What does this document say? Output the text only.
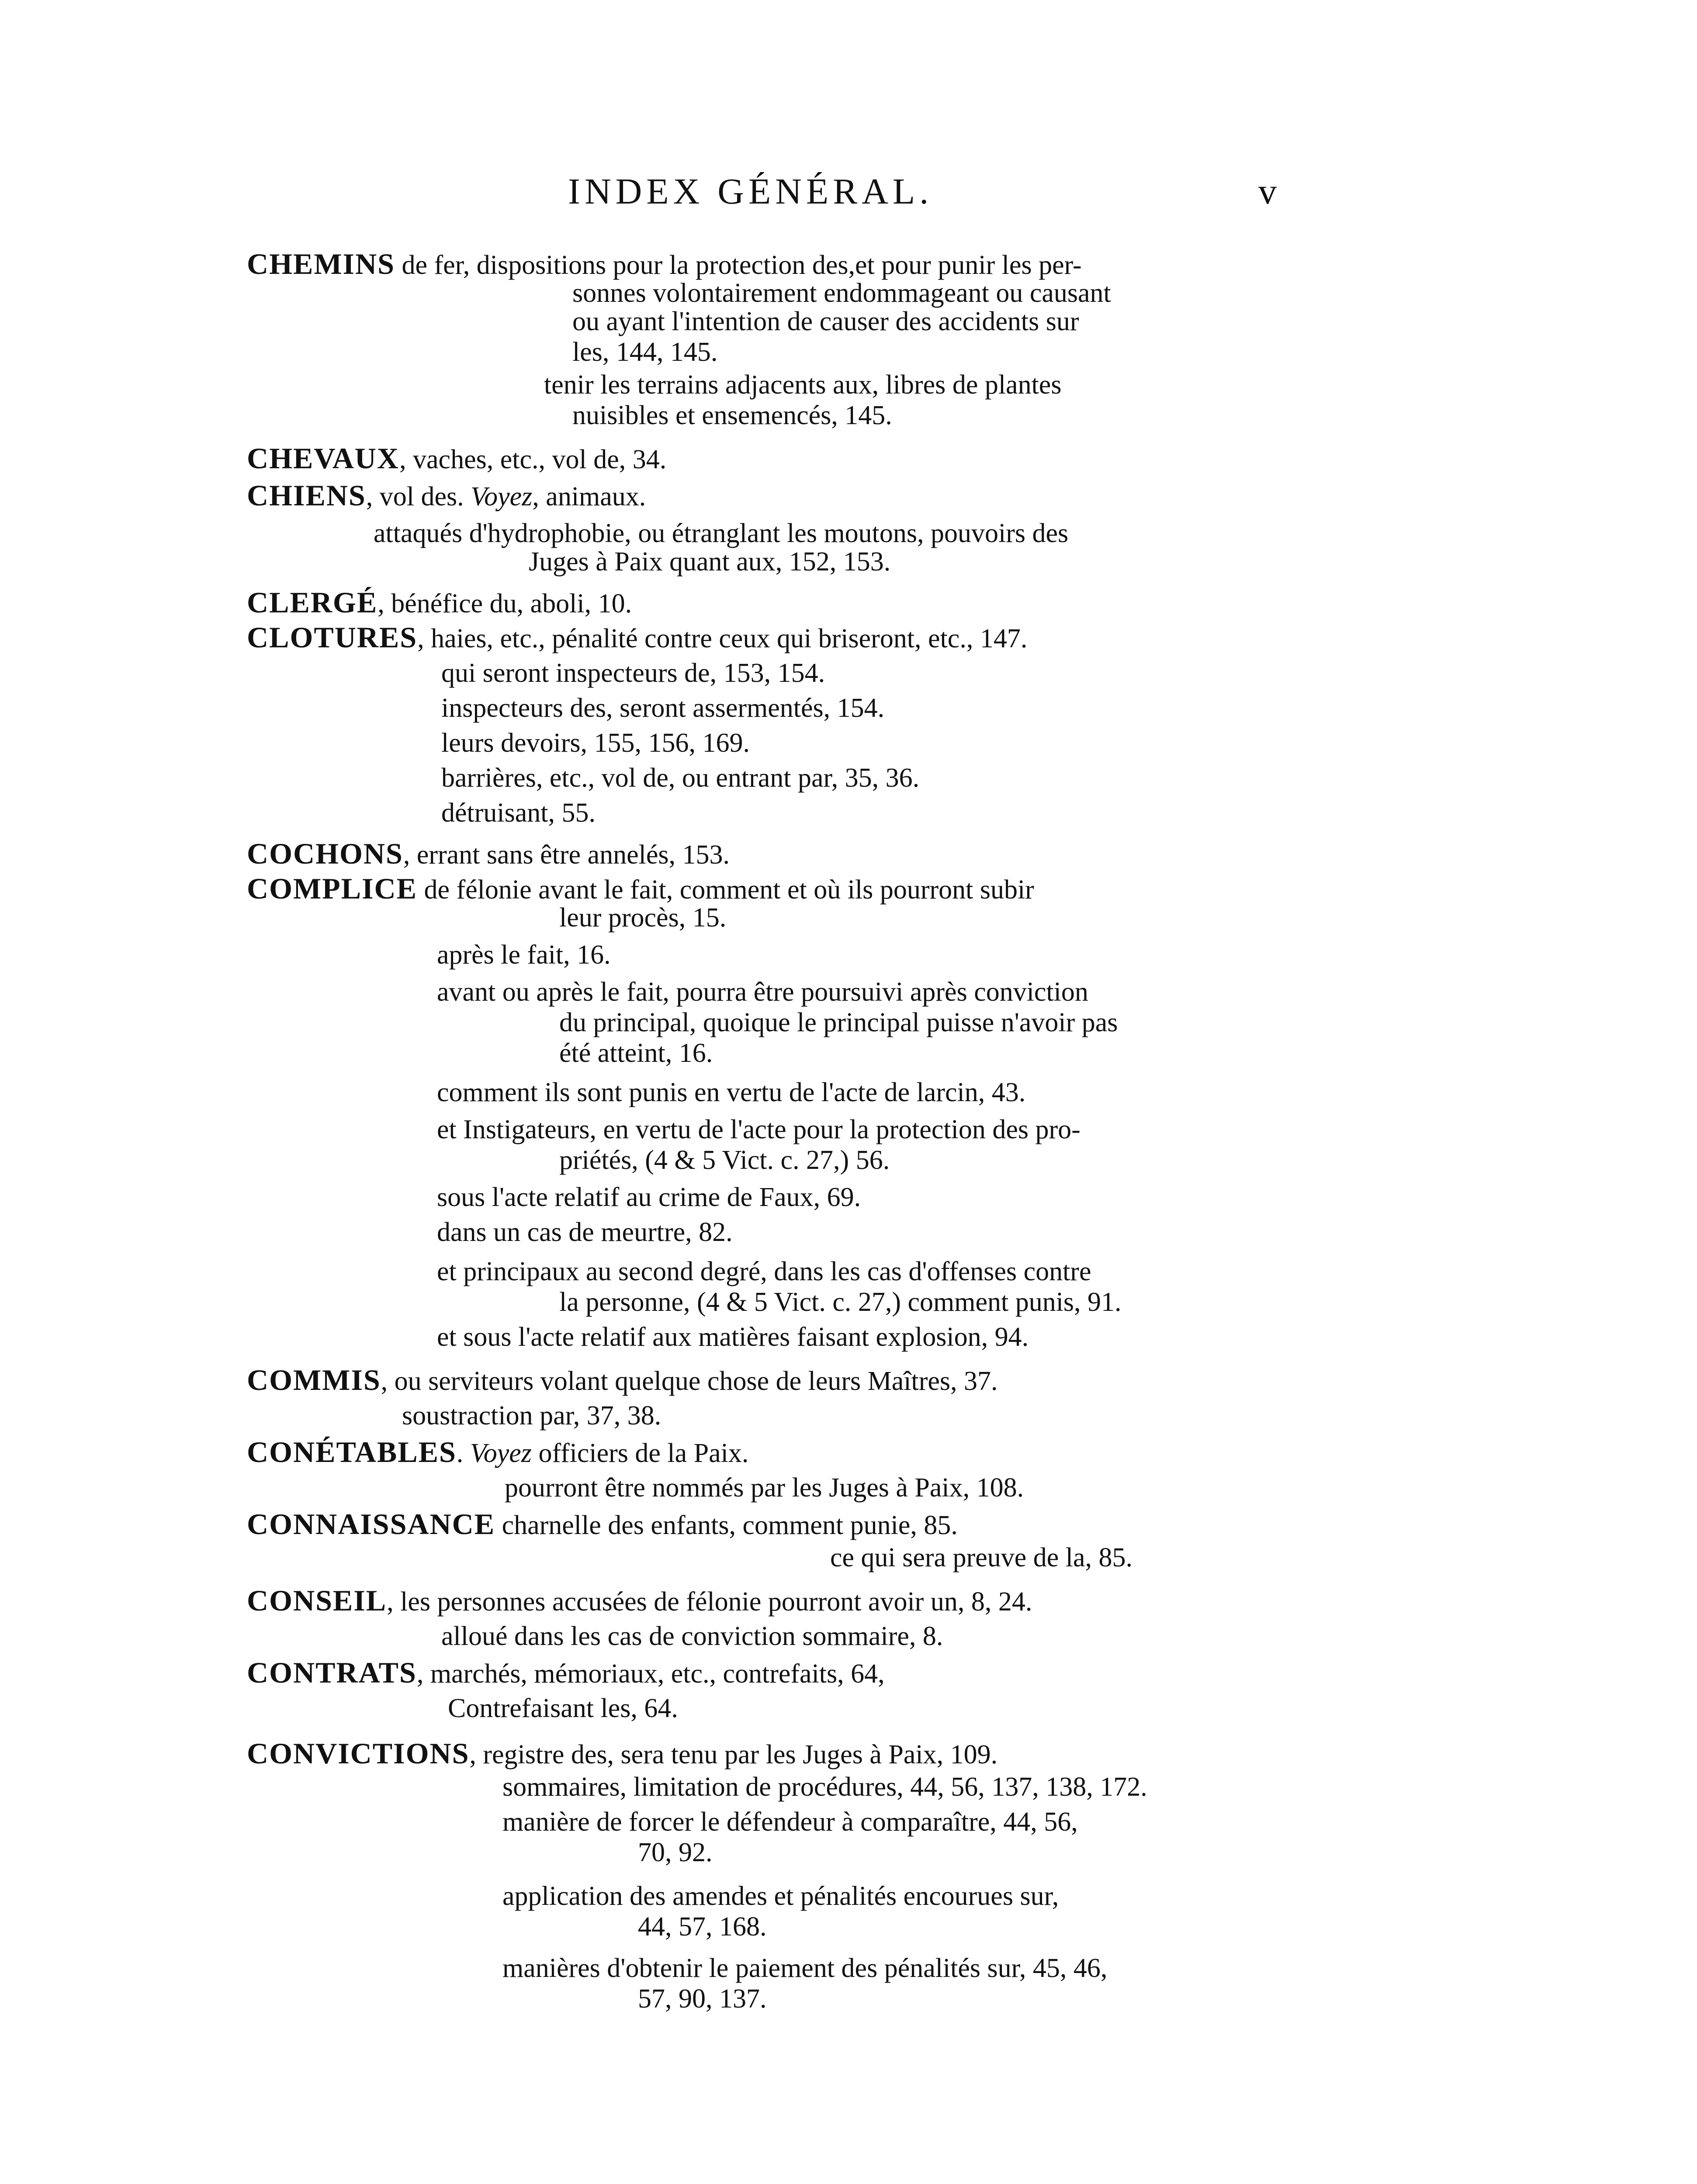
INDEX GÉNÉRAL.	v
CHEMINS de fer, dispositions pour la protection des,et pour punir les per-
sonnes volontairement endommageant ou causant
ou ayant l'intention de causer des accidents sur
les, 144, 145.
tenir les terrains adjacents aux, libres de plantes
nuisibles et ensemencés, 145.
CHEVAUX, vaches, etc., vol de, 34.
CHIENS, vol des. Voyez, animaux.
attaqués d'hydrophobie, ou étranglant les moutons, pouvoirs des
Juges à Paix quant aux, 152, 153.
CLERGÉ, bénéfice du, aboli, 10.
CLOTURES, haies, etc., pénalité contre ceux qui briseront, etc., 147.
qui seront inspecteurs de, 153, 154.
inspecteurs des, seront assermentés, 154.
leurs devoirs, 155, 156, 169.
barrières, etc., vol de, ou entrant par, 35, 36.
détruisant, 55.
COCHONS, errant sans être annelés, 153.
COMPLICE de félonie avant le fait, comment et où ils pourront subir
leur procès, 15.
après le fait, 16.
avant ou après le fait, pourra être poursuivi après conviction
du principal, quoique le principal puisse n'avoir pas
été atteint, 16.
comment ils sont punis en vertu de l'acte de larcin, 43.
et Instigateurs, en vertu de l'acte pour la protection des pro-
priétés, (4 & 5 Vict. c. 27,) 56.
sous l'acte relatif au crime de Faux, 69.
dans un cas de meurtre, 82.
et principaux au second degré, dans les cas d'offenses contre
la personne, (4 & 5 Vict. c. 27,) comment punis, 91.
et sous l'acte relatif aux matières faisant explosion, 94.
COMMIS, ou serviteurs volant quelque chose de leurs Maîtres, 37.
soustraction par, 37, 38.
CONÉTABLES. Voyez officiers de la Paix.
pourront être nommés par les Juges à Paix, 108.
CONNAISSANCE charnelle des enfants, comment punie, 85.
ce qui sera preuve de la, 85.
CONSEIL, les personnes accusées de félonie pourront avoir un, 8, 24.
alloué dans les cas de conviction sommaire, 8.
CONTRATS, marchés, mémoriaux, etc., contrefaits, 64,
Contrefaisant les, 64.
CONVICTIONS, registre des, sera tenu par les Juges à Paix, 109.
sommaires, limitation de procédures, 44, 56, 137, 138, 172.
manière de forcer le défendeur à comparaître, 44, 56,
70, 92.
application des amendes et pénalités encourues sur,
44, 57, 168.
manières d'obtenir le paiement des pénalités sur, 45, 46,
57, 90, 137.
